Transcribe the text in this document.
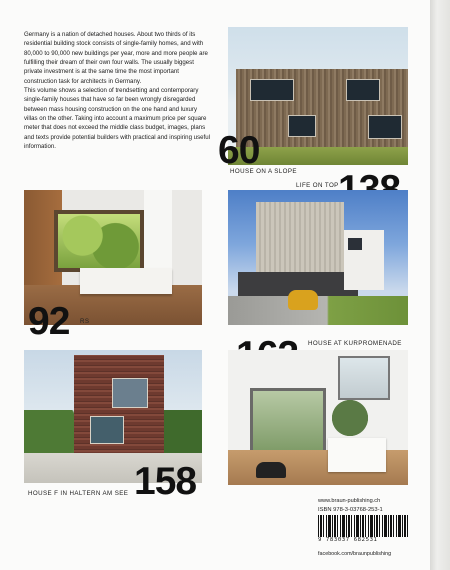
Germany is a nation of detached houses. About two thirds of its residential building stock consists of single-family homes, and with 80,000 to 90,000 new buildings per year, more and more people are fulfilling their dream of their own four walls. The usually biggest private investment is at the same time the most important construction task for architects in Germany.

This volume shows a selection of trendsetting and contemporary single-family houses that have so far been wrongly disregarded between mass housing construction on the one hand and luxury villas on the other. Taking into account a maximum price per square meter that does not exceed the middle class budget, images, plans and texts provide potential builders with practical and inspiring useful information.	60
HOUSE ON A SLOPE
LIFE ON TOP
92 RS
HOUSE AT KURPROMENADE
HOUSE F IN HALTERN AM SEE 158	www.braun-publishing.ch
ISBN 978-3-03768-253-1
9 783037 682531
facebook.com/braunpublishing
